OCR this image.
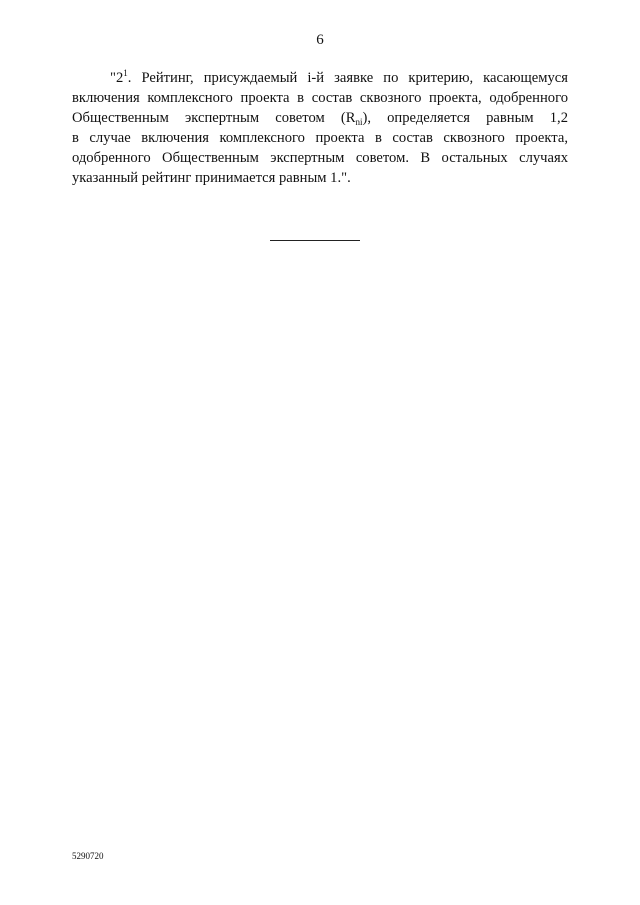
6
"$2^1$. Рейтинг, присуждаемый i-й заявке по критерию, касающемуся
включения комплексного проекта в состав сквозного проекта, одобренного
Общественным экспертным советом $(R_{ni})$, определяется равным 1,2
в случае включения комплексного проекта в состав сквозного проекта,
одобренного Общественным экспертным советом. В остальных случаях
указанный рейтинг принимается равным 1.".
5290720
